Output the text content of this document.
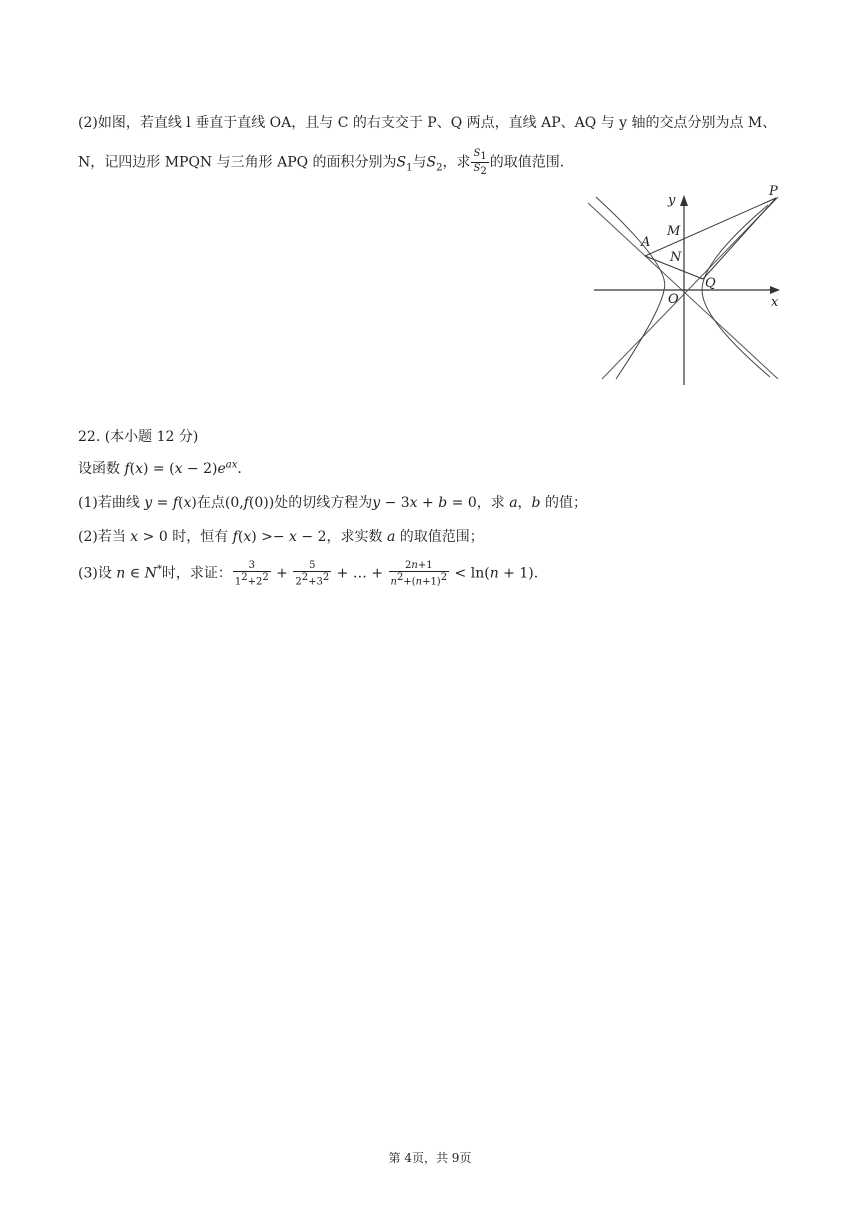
(2)如图，若直线 l 垂直于直线 OA，且与 C 的右支交于 P、Q 两点，直线 AP、AQ 与 y 轴的交点分别为点 M、
N，记四边形 MPQN 与三角形 APQ 的面积分别为$S_1$与$S_2$，求 $\frac{S_1}{S_2}$ 的取值范围.
y
x
O
A
M
N
P
Q
22. (本小题 12 分)
设函数 $f(x) = (x - 2)e^{ax}$.
(1)若曲线 y = f(x)在点(0,f(0))处的切线方程为y − 3x + b = 0，求 a，b 的值；
(2)若当 x > 0 时，恒有 f(x) >− x − 2，求实数 a 的取值范围；
(3)设 n ∈ N*时，求证： $\frac{3}{1^2+2^2} + \frac{5}{2^2+3^2}$ + … + $\frac{2n+1}{n^2+(n+1)^2} < \ln(n + 1)$.
第 4页，共 9页
